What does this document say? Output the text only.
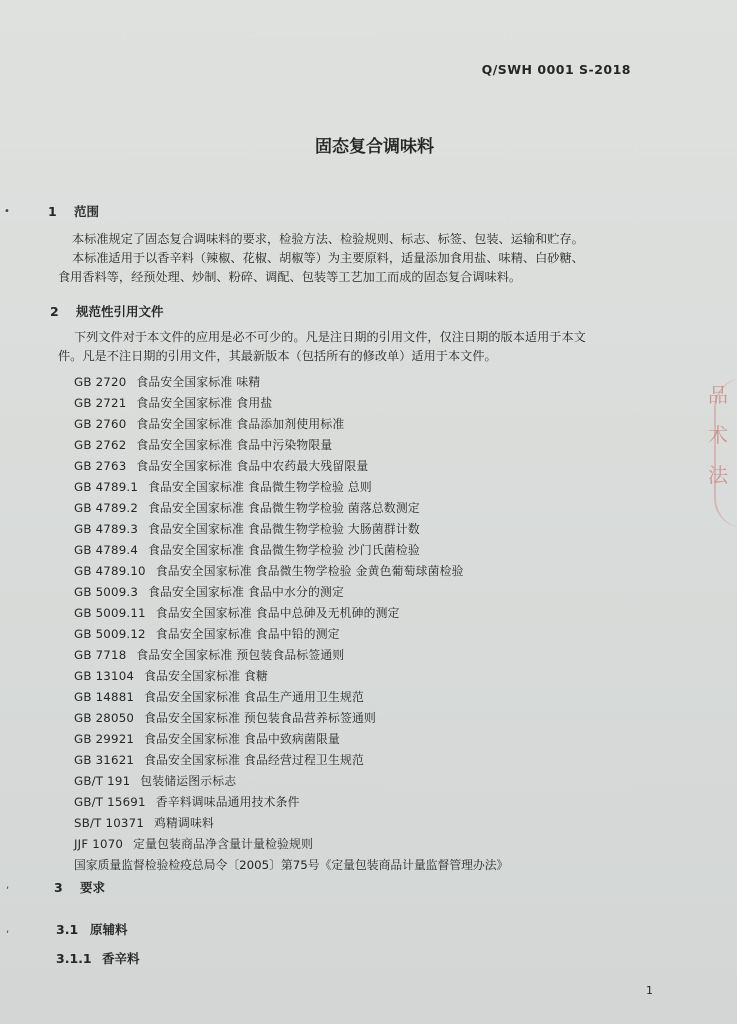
Q/SWH 0001 S-2018
固态复合调味料
•	1 范围
本标准规定了固态复合调味料的要求，检验方法、检验规则、标志、标签、包装、运输和贮存。
本标准适用于以香辛料（辣椒、花椒、胡椒等）为主要原料，适量添加食用盐、味精、白砂糖、
食用香料等，经预处理、炒制、粉碎、调配、包装等工艺加工而成的固态复合调味料。
2 规范性引用文件
下列文件对于本文件的应用是必不可少的。凡是注日期的引用文件，仅注日期的版本适用于本文
件。凡是不注日期的引用文件，其最新版本（包括所有的修改单）适用于本文件。
GB 2720 食品安全国家标准 味精
GB 2721 食品安全国家标准 食用盐
GB 2760 食品安全国家标准 食品添加剂使用标准
GB 2762 食品安全国家标准 食品中污染物限量
GB 2763 食品安全国家标准 食品中农药最大残留限量
GB 4789.1 食品安全国家标准 食品微生物学检验 总则
GB 4789.2 食品安全国家标准 食品微生物学检验 菌落总数测定
GB 4789.3 食品安全国家标准 食品微生物学检验 大肠菌群计数
GB 4789.4 食品安全国家标准 食品微生物学检验 沙门氏菌检验
GB 4789.10 食品安全国家标准 食品微生物学检验 金黄色葡萄球菌检验
GB 5009.3 食品安全国家标准 食品中水分的测定
GB 5009.11 食品安全国家标准 食品中总砷及无机砷的测定
GB 5009.12 食品安全国家标准 食品中铅的测定
GB 7718 食品安全国家标准 预包装食品标签通则
GB 13104 食品安全国家标准 食糖
GB 14881 食品安全国家标准 食品生产通用卫生规范
GB 28050 食品安全国家标准 预包装食品营养标签通则
GB 29921 食品安全国家标准 食品中致病菌限量
GB 31621 食品安全国家标准 食品经营过程卫生规范
GB/T 191 包装储运图示标志
GB/T 15691 香辛料调味品通用技术条件
SB/T 10371 鸡精调味料
JJF 1070 定量包装商品净含量计量检验规则
国家质量监督检验检疫总局令〔2005〕第75号《定量包装商品计量监督管理办法》
,	3 要求
,	3.1 原辅料
3.1.1 香辛料
品
术
法
1
